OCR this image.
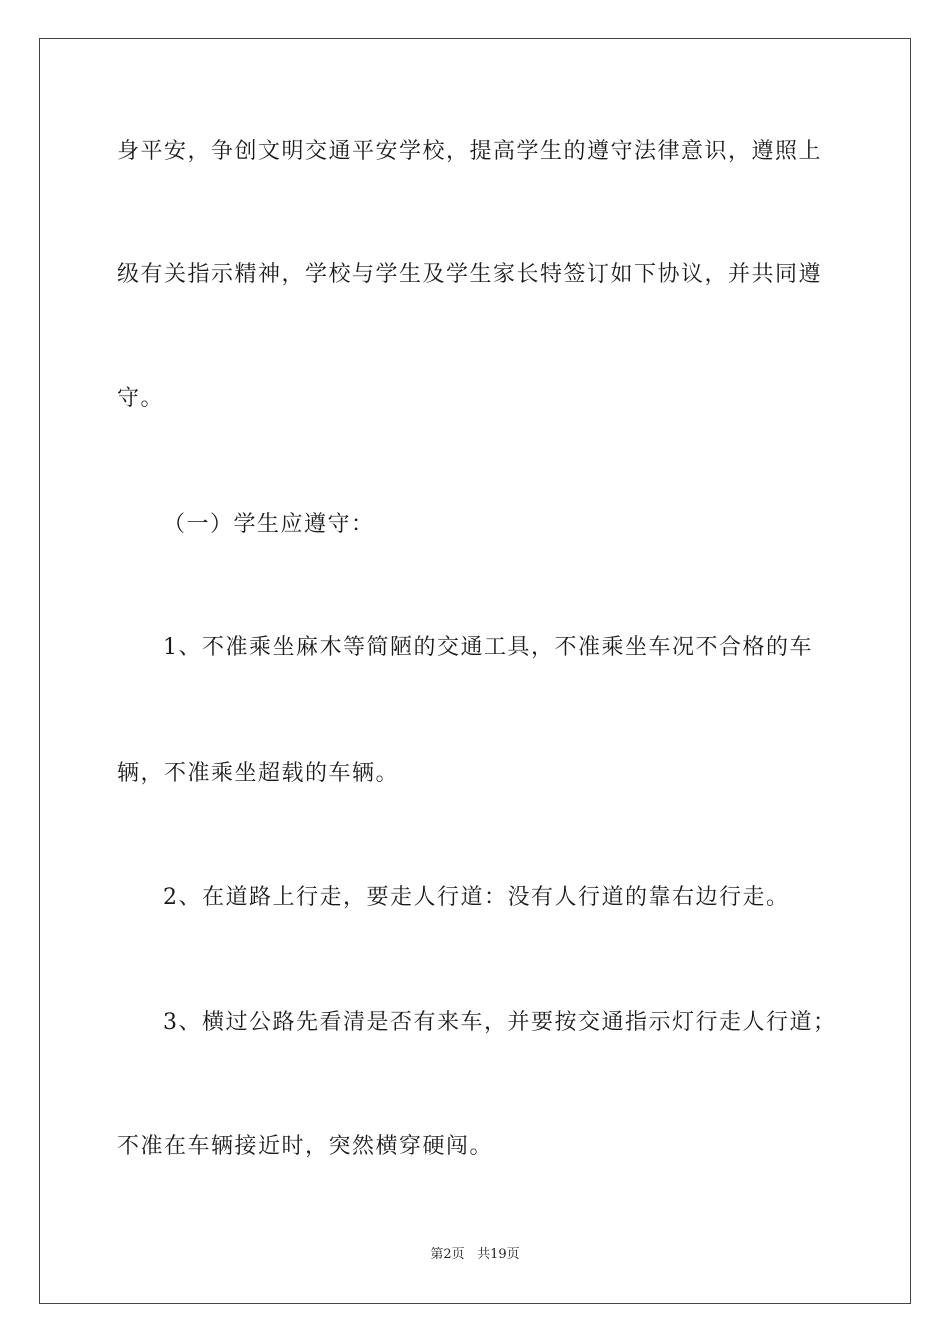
身平安，争创文明交通平安学校，提高学生的遵守法律意识，遵照上
级有关指示精神，学校与学生及学生家长特签订如下协议，并共同遵
守。
（一）学生应遵守：
1、不准乘坐麻木等简陋的交通工具，不准乘坐车况不合格的车
辆，不准乘坐超载的车辆。
2、在道路上行走，要走人行道：没有人行道的靠右边行走。
3、横过公路先看清是否有来车，并要按交通指示灯行走人行道；
不准在车辆接近时，突然横穿硬闯。
第2页 共19页
